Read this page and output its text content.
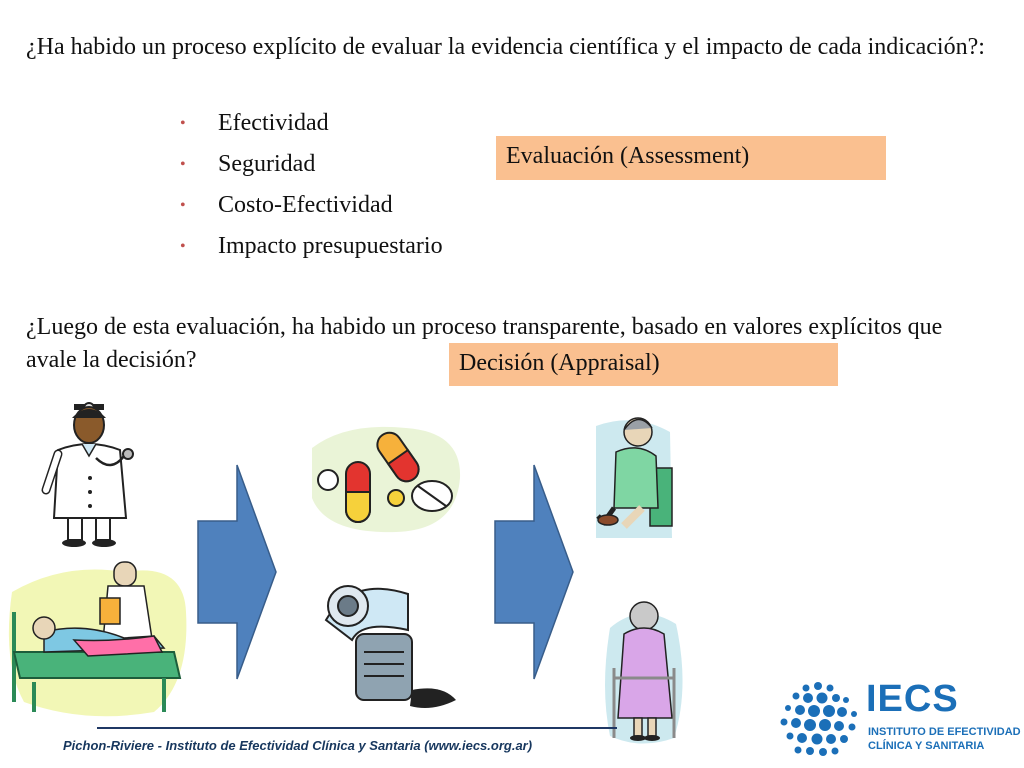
¿Ha habido un proceso explícito de evaluar la evidencia científica y el impacto de cada indicación?:
• Efectividad
• Seguridad
• Costo-Efectividad
• Impacto presupuestario
Evaluación (Assessment)
¿Luego de esta evaluación, ha habido un proceso transparente, basado en valores explícitos que avale la decisión?	Decisión (Appraisal)
Pichon-Riviere - Instituto de Efectividad Clínica y Santaria (www.iecs.org.ar)
IECS
INSTITUTO DE EFECTIVIDAD
CLÍNICA Y SANITARIA
